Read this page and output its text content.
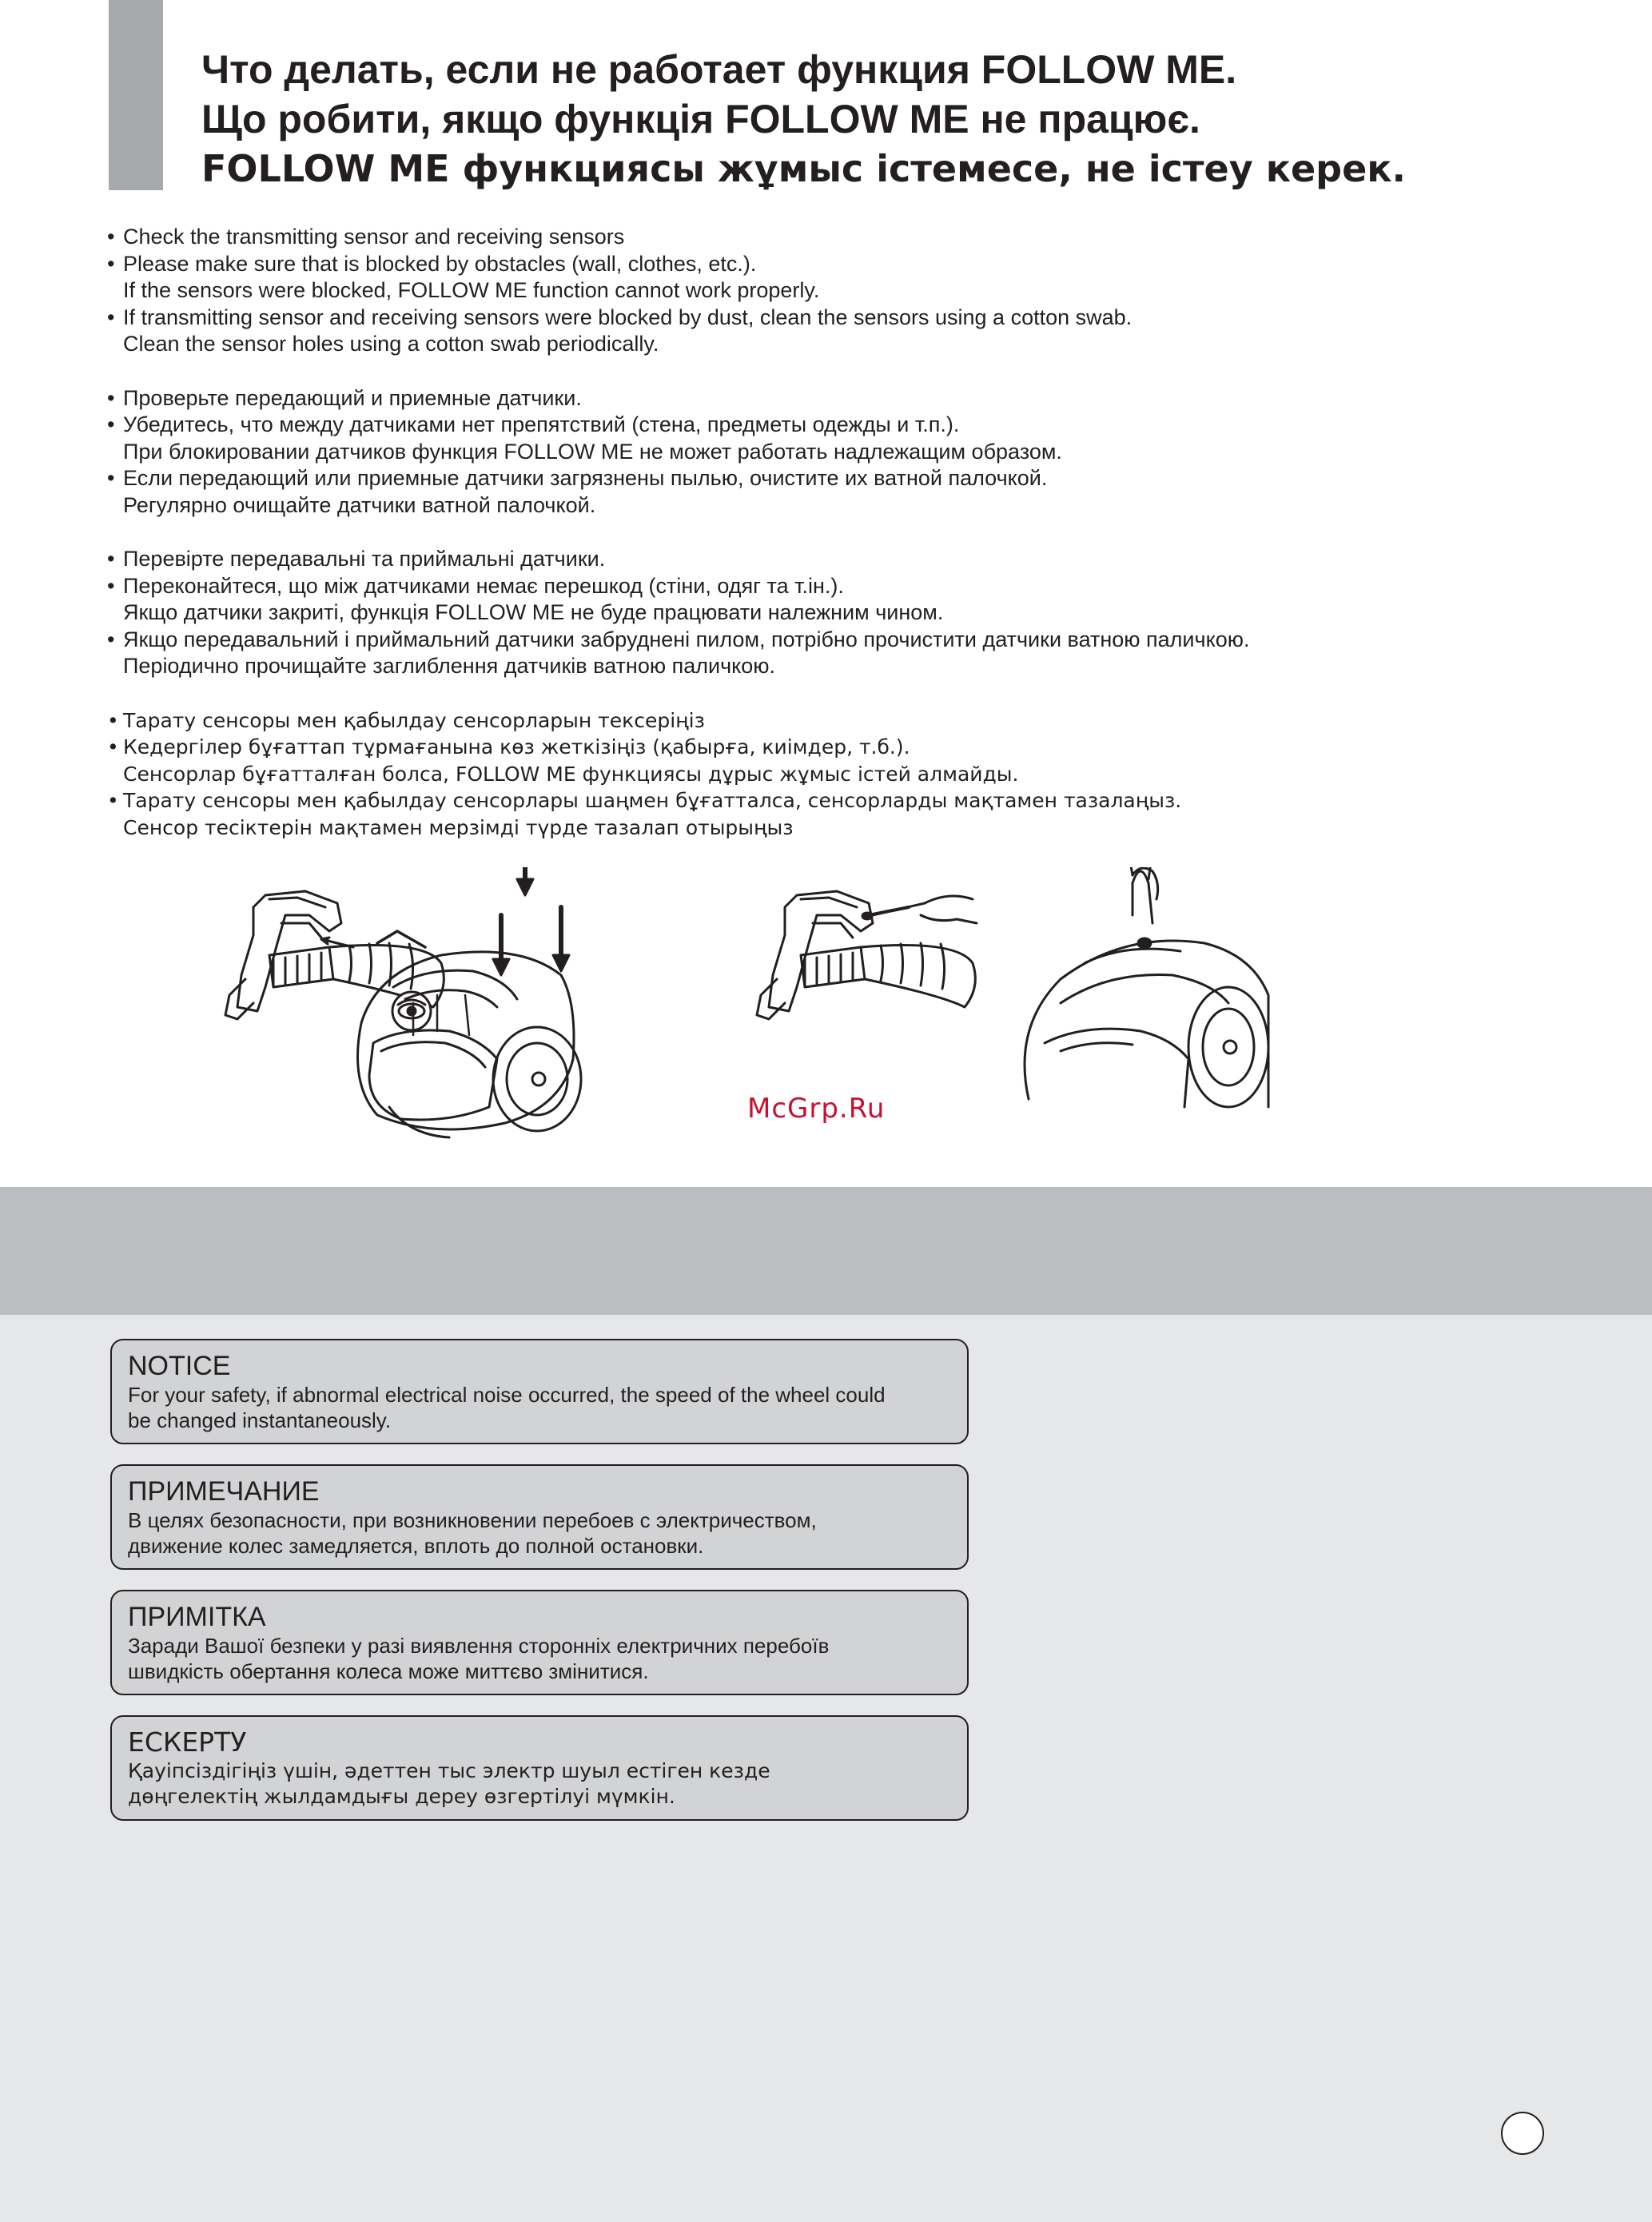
Что делать, если не работает функция FOLLOW ME.
Що робити, якщо функція FOLLOW ME не працює.
FOLLOW ME функциясы жұмыс істемесе, не істеу керек.
• Check the transmitting sensor and receiving sensors
• Please make sure that is blocked by obstacles (wall, clothes, etc.).
If the sensors were blocked, FOLLOW ME function cannot work properly.
• If transmitting sensor and receiving sensors were blocked by dust, clean the sensors using a cotton swab.
Clean the sensor holes using a cotton swab periodically.
• Проверьте передающий и приемные датчики.
• Убедитесь, что между датчиками нет препятствий (стена, предметы одежды и т.п.).
При блокировании датчиков функция FOLLOW ME не может работать надлежащим образом.
• Если передающий или приемные датчики загрязнены пылью, очистите их ватной палочкой.
Регулярно очищайте датчики ватной палочкой.
• Перевірте передавальні та приймальні датчики.
• Переконайтеся, що між датчиками немає перешкод (стіни, одяг та т.ін.).
Якщо датчики закриті, функція FOLLOW ME не буде працювати належним чином.
• Якщо передавальний і приймальний датчики забруднені пилом, потрібно прочистити датчики ватною паличкою.
Періодично прочищайте заглиблення датчиків ватною паличкою.
• Тарату сенсоры мен қабылдау сенсорларын тексеріңіз
• Кедергілер бұғаттап тұрмағанына көз жеткізіңіз (қабырға, киімдер, т.б.).
Сенсорлар бұғатталған болса, FOLLOW ME функциясы дұрыс жұмыс істей алмайды.
• Тарату сенсоры мен қабылдау сенсорлары шаңмен бұғатталса, сенсорларды мақтамен тазалаңыз.
Сенсор тесіктерін мақтамен мерзімді түрде тазалап отырыңыз
McGrp.Ru
NOTICE
For your safety, if abnormal electrical noise occurred, the speed of the wheel could
be changed instantaneously.
ПРИМЕЧАНИЕ
В целях безопасности, при возникновении перебоев с электричеством,
движение колес замедляется, вплоть до полной остановки.
ПРИМІТКА
Заради Вашої безпеки у разі виявлення сторонніх електричних перебоїв
швидкість обертання колеса може миттєво змінитися.
ЕСКЕРТУ
Қауіпсіздігіңіз үшін, әдеттен тыс электр шуыл естіген кезде
дөңгелектің жылдамдығы дереу өзгертілуі мүмкін.
